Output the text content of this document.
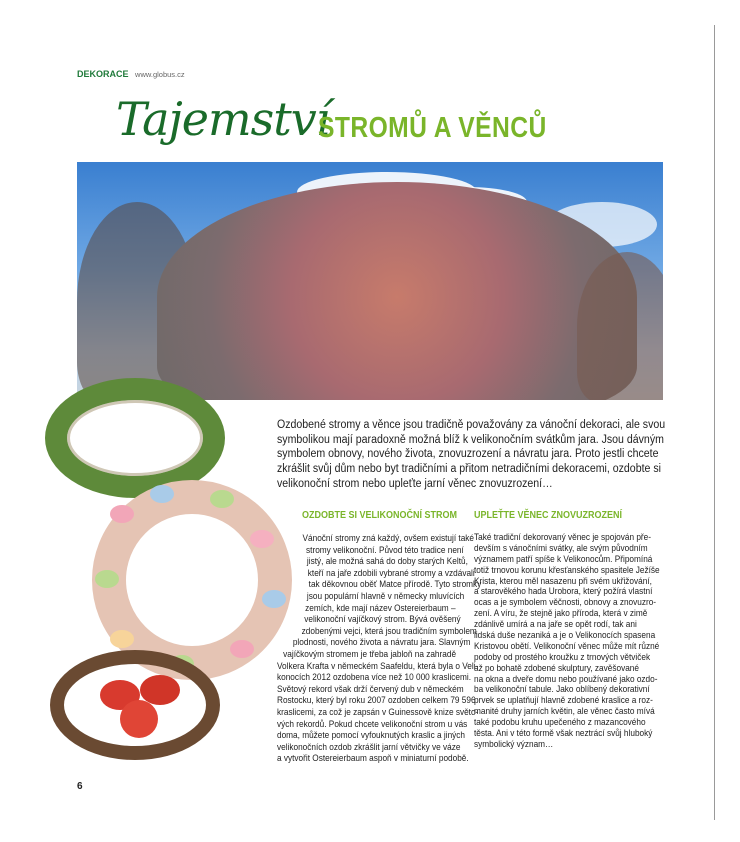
DEKORACE www.globus.cz
Tajemství
STROMŮ A VĚNCŮ
Ozdobené stromy a věnce jsou tradičně považovány za vánoční dekoraci, ale svou symbolikou mají paradoxně možná blíž k velikonočním svátkům jara. Jsou dávným symbolem obnovy, nového života, znovuzrození a návratu jara. Proto jestli chcete zkrášlit svůj dům nebo byt tradičními a přitom netradičními dekoracemi, ozdobte si velikonoční strom nebo upleťte jarní věnec znovuzrození…
OZDOBTE SI VELIKONOČNÍ STROM UPLEŤTE VĚNEC ZNOVUZROZENÍ
Vánoční stromy zná každý, ovšem existují také
stromy velikonoční. Původ této tradice není
jistý, ale možná sahá do doby starých Keltů,
kteří na jaře zdobili vybrané stromy a vzdávali
tak děkovnou oběť Matce přírodě. Tyto stromky
jsou populární hlavně v německy mluvících
zemích, kde mají název Ostereierbaum –
velikonoční vajíčkový strom. Bývá ověšený
zdobenými vejci, která jsou tradičním symbolem
plodnosti, nového života a návratu jara. Slavným
vajíčkovým stromem je třeba jabloň na zahradě
Volkera Krafta v německém Saafeldu, která byla o Veli-
konocích 2012 ozdobena více než 10 000 kraslicemi.
Světový rekord však drží červený dub v německém
Rostocku, který byl roku 2007 ozdoben celkem 79 596
kraslicemi, za což je zapsán v Guinessově knize světo-
vých rekordů. Pokud chcete velikonoční strom u vás
doma, můžete pomocí vyfouknutých kraslic a jiných
velikonočních ozdob zkrášlit jarní větvičky ve váze
a vytvořit Ostereierbaum aspoň v miniaturní podobě.
Také tradiční dekorovaný věnec je spojován pře-
devším s vánočními svátky, ale svým původním
významem patří spíše k Velikonocům. Připomíná
totiž trnovou korunu křesťanského spasitele Ježíše
Krista, kterou měl nasazenu při svém ukřižování,
a starověkého hada Urobora, který požírá vlastní
ocas a je symbolem věčnosti, obnovy a znovuzro-
zení. A víru, že stejně jako příroda, která v zimě
zdánlivě umírá a na jaře se opět rodí, tak ani
lidská duše nezaniká a je o Velikonocích spasena
Kristovou obětí. Velikonoční věnec může mít různé
podoby od prostého kroužku z trnových větviček
až po bohatě zdobené skulptury, zavěšované
na okna a dveře domu nebo používané jako ozdo-
ba velikonoční tabule. Jako oblíbený dekorativní
prvek se uplatňují hlavně zdobené kraslice a roz-
manité druhy jarních květin, ale věnec často mívá
také podobu kruhu upečeného z mazancového
těsta. Ani v této formě však neztrácí svůj hluboký
symbolický význam…
6
